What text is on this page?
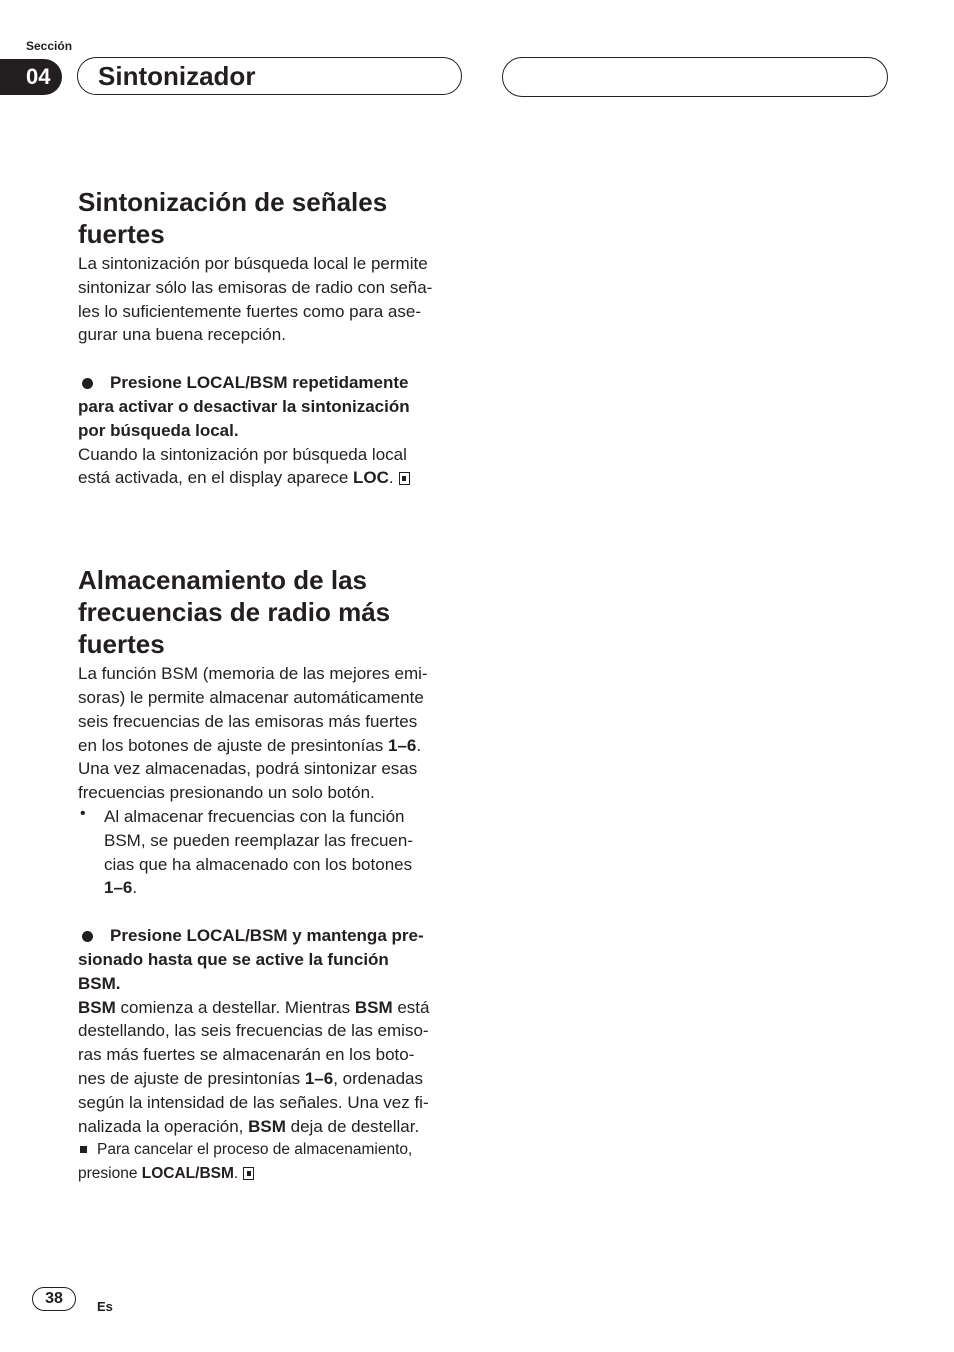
Sección
04	Sintonizador
Sintonización de señales fuertes

La sintonización por búsqueda local le permite

sintonizar sólo las emisoras de radio con seña-

les lo suficientemente fuertes como para ase-

gurar una buena recepción.

Presione LOCAL/BSM repetidamente

para activar o desactivar la sintonización

por búsqueda local.

Cuando la sintonización por búsqueda local

está activada, en el display aparece LOC.

Almacenamiento de las
frecuencias de radio más
fuertes

La función BSM (memoria de las mejores emi-

soras) le permite almacenar automáticamente

seis frecuencias de las emisoras más fuertes

en los botones de ajuste de presintonías 1–6.

Una vez almacenadas, podrá sintonizar esas

frecuencias presionando un solo botón.

• Al almacenar frecuencias con la función

BSM, se pueden reemplazar las frecuen-

cias que ha almacenado con los botones

1–6.

Presione LOCAL/BSM y mantenga pre-

sionado hasta que se active la función

BSM.

BSM comienza a destellar. Mientras BSM está

destellando, las seis frecuencias de las emiso-

ras más fuertes se almacenarán en los boto-

nes de ajuste de presintonías 1–6, ordenadas

según la intensidad de las señales. Una vez fi-

nalizada la operación, BSM deja de destellar.

Para cancelar el proceso de almacenamiento,

presione LOCAL/BSM.

38	Es
